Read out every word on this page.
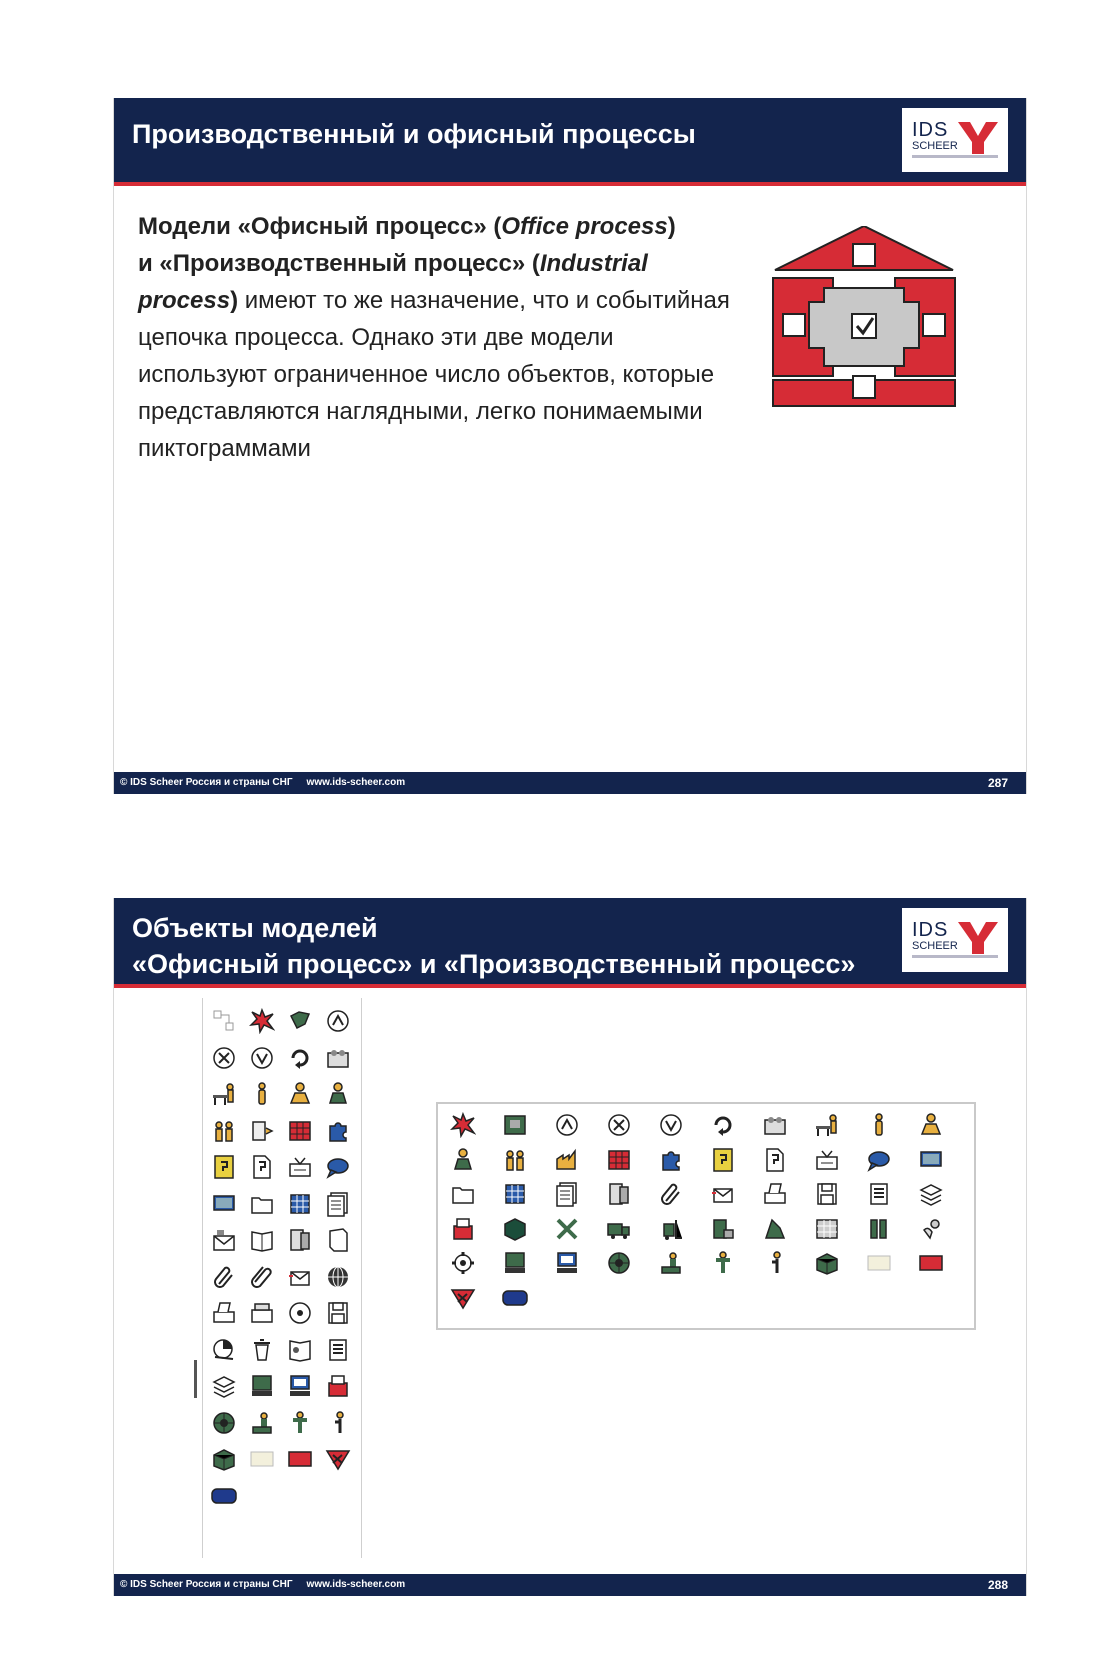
Производственный и офисный процессы	IDS
SCHEER
Модели «Офисный процесс» (Office process)
и «Производственный процесс» (Industrial process) имеют то же назначение, что и событийная цепочка процесса. Однако эти две модели используют ограниченное число объектов, которые представляются наглядными, легко понимаемыми пиктограммами
© IDS Scheer Россия и страны СНГ www.ids-scheer.com	287
Объекты моделей
«Офисный процесс» и «Производственный процесс»
IDS
SCHEER
© IDS Scheer Россия и страны СНГ www.ids-scheer.com	288
